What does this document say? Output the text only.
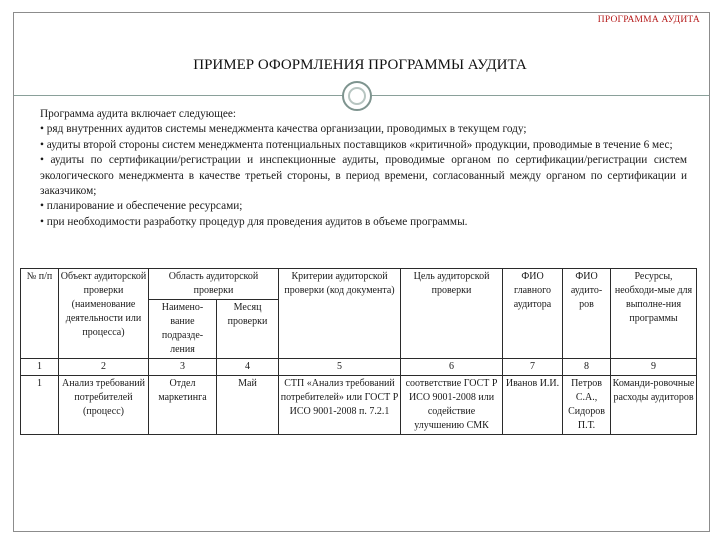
ПРОГРАММА АУДИТА
ПРИМЕР ОФОРМЛЕНИЯ ПРОГРАММЫ АУДИТА

Программа аудита включает следующее:

• ряд внутренних аудитов системы менеджмента качества организации, проводимых в текущем году;

• аудиты второй стороны систем менеджмента потенциальных поставщиков «критичной» продукции, проводимые в течение 6 мес;

• аудиты по сертификации/регистрации и инспекционные аудиты, проводимые органом по сертификации/регистрации систем экологического менеджмента в качестве третьей стороны, в период времени, согласованный между органом по сертификации и заказчиком;

• планирование и обеспечение ресурсами;

• при необходимости разработку процедур для проведения аудитов в объеме программы.

№ п/п	Объект аудиторской проверки (наименование деятельности или процесса)	Область аудиторской проверки		Критерии аудиторской проверки (код документа)	Цель аудиторской проверки	ФИО главного аудитора	ФИО аудито-ров	Ресурсы, необходи-мые для выполне-ния программы
		Наимено-вание подразде-ления	Месяц проверки					
1	2	3	4	5	6	7	8	9
1	Анализ требований потребителей (процесс)	Отдел маркетинга	Май	СТП «Анализ требований потребителей» или ГОСТ Р ИСО 9001-2008 п. 7.2.1	соответствие ГОСТ Р ИСО 9001-2008 или содействие улучшению СМК	Иванов И.И.	Петров С.А., Сидоров П.Т.	Команди-ровочные расходы аудиторов
